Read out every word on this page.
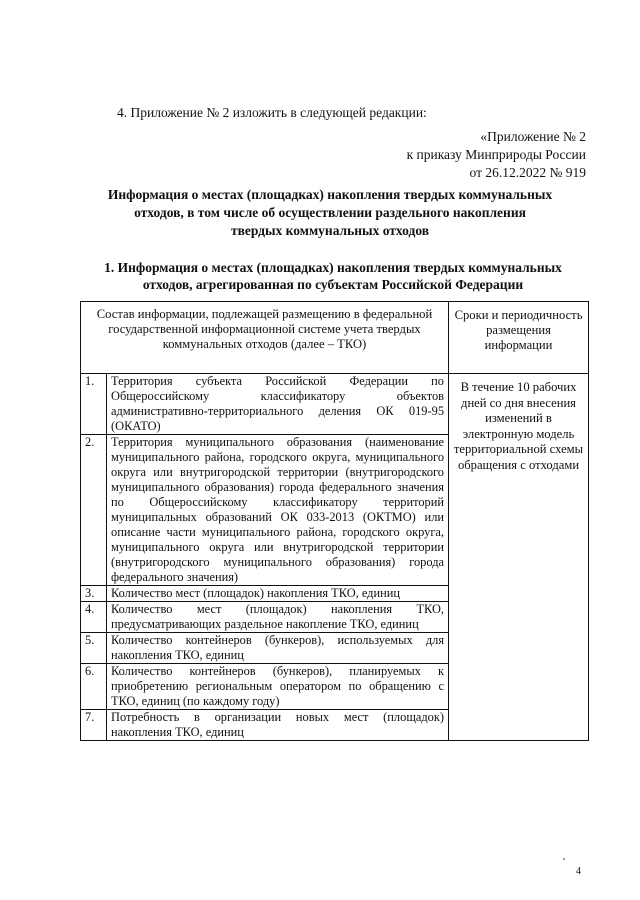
4. Приложение № 2 изложить в следующей редакции:
«Приложение № 2
к приказу Минприроды России
от 26.12.2022 № 919
Информация о местах (площадках) накопления твердых коммунальных
отходов, в том числе об осуществлении раздельного накопления
твердых коммунальных отходов
1. Информация о местах (площадках) накопления твердых коммунальных
отходов, агрегированная по субъектам Российской Федерации
Состав информации, подлежащей размещению в федеральной государственной информационной системе учета твердых коммунальных отходов (далее – ТКО)		Сроки и периодичность размещения информации
1.	Территория субъекта Российской Федерации по Общероссийскому классификатору объектов административно-территориального деления ОК 019-95 (ОКАТО)	В течение 10 рабочих дней со дня внесения изменений в электронную модель территориальной схемы обращения с отходами
2.	Территория муниципального образования (наименование муниципального района, городского округа, муниципального округа или внутригородской территории (внутригородского муниципального образования) города федерального значения по Общероссийскому классификатору территорий муниципальных образований ОК 033-2013 (ОКТМО) или описание части муниципального района, городского округа, муниципального округа или внутригородской территории (внутригородского муниципального образования) города федерального значения)	
3.	Количество мест (площадок) накопления ТКО, единиц	
4.	Количество мест (площадок) накопления ТКО, предусматривающих раздельное накопление ТКО, единиц	
5.	Количество контейнеров (бункеров), используемых для накопления ТКО, единиц	
6.	Количество контейнеров (бункеров), планируемых к приобретению региональным оператором по обращению с ТКО, единиц (по каждому году)	
7.	Потребность в организации новых мест (площадок) накопления ТКО, единиц	
4
